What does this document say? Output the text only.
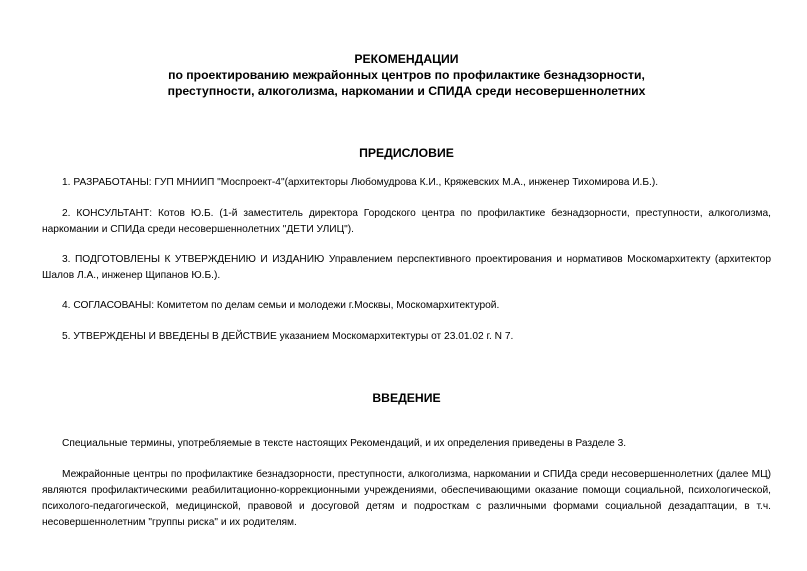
РЕКОМЕНДАЦИИ
по проектированию межрайонных центров по профилактике безнадзорности,
преступности, алкоголизма, наркомании и СПИДА среди несовершеннолетних
ПРЕДИСЛОВИЕ

1. РАЗРАБОТАНЫ: ГУП МНИИП "Моспроект-4"(архитекторы Любомудрова К.И., Кряжевских М.А., инженер Тихомирова И.Б.).

2. КОНСУЛЬТАНТ: Котов Ю.Б. (1-й заместитель директора Городского центра по профилактике безнадзорности, преступности, алкоголизма, наркомании и СПИДа среди несовершеннолетних "ДЕТИ УЛИЦ").

3. ПОДГОТОВЛЕНЫ К УТВЕРЖДЕНИЮ И ИЗДАНИЮ Управлением перспективного проектирования и нормативов Москомархитекту (архитектор Шалов Л.А., инженер Щипанов Ю.Б.).

4. СОГЛАСОВАНЫ: Комитетом по делам семьи и молодежи г.Москвы, Москомархитектурой.

5. УТВЕРЖДЕНЫ И ВВЕДЕНЫ В ДЕЙСТВИЕ указанием Москомархитектуры от 23.01.02 г. N 7.

ВВЕДЕНИЕ

Специальные термины, употребляемые в тексте настоящих Рекомендаций, и их определения приведены в Разделе 3.

Межрайонные центры по профилактике безнадзорности, преступности, алкоголизма, наркомании и СПИДа среди несовершеннолетних (далее МЦ) являются профилактическими реабилитационно-коррекционными учреждениями, обеспечивающими оказание помощи социальной, психологической, психолого-педагогической, медицинской, правовой и досуговой детям и подросткам с различными формами социальной дезадаптации, в т.ч. несовершеннолетним "группы риска" и их родителям.
